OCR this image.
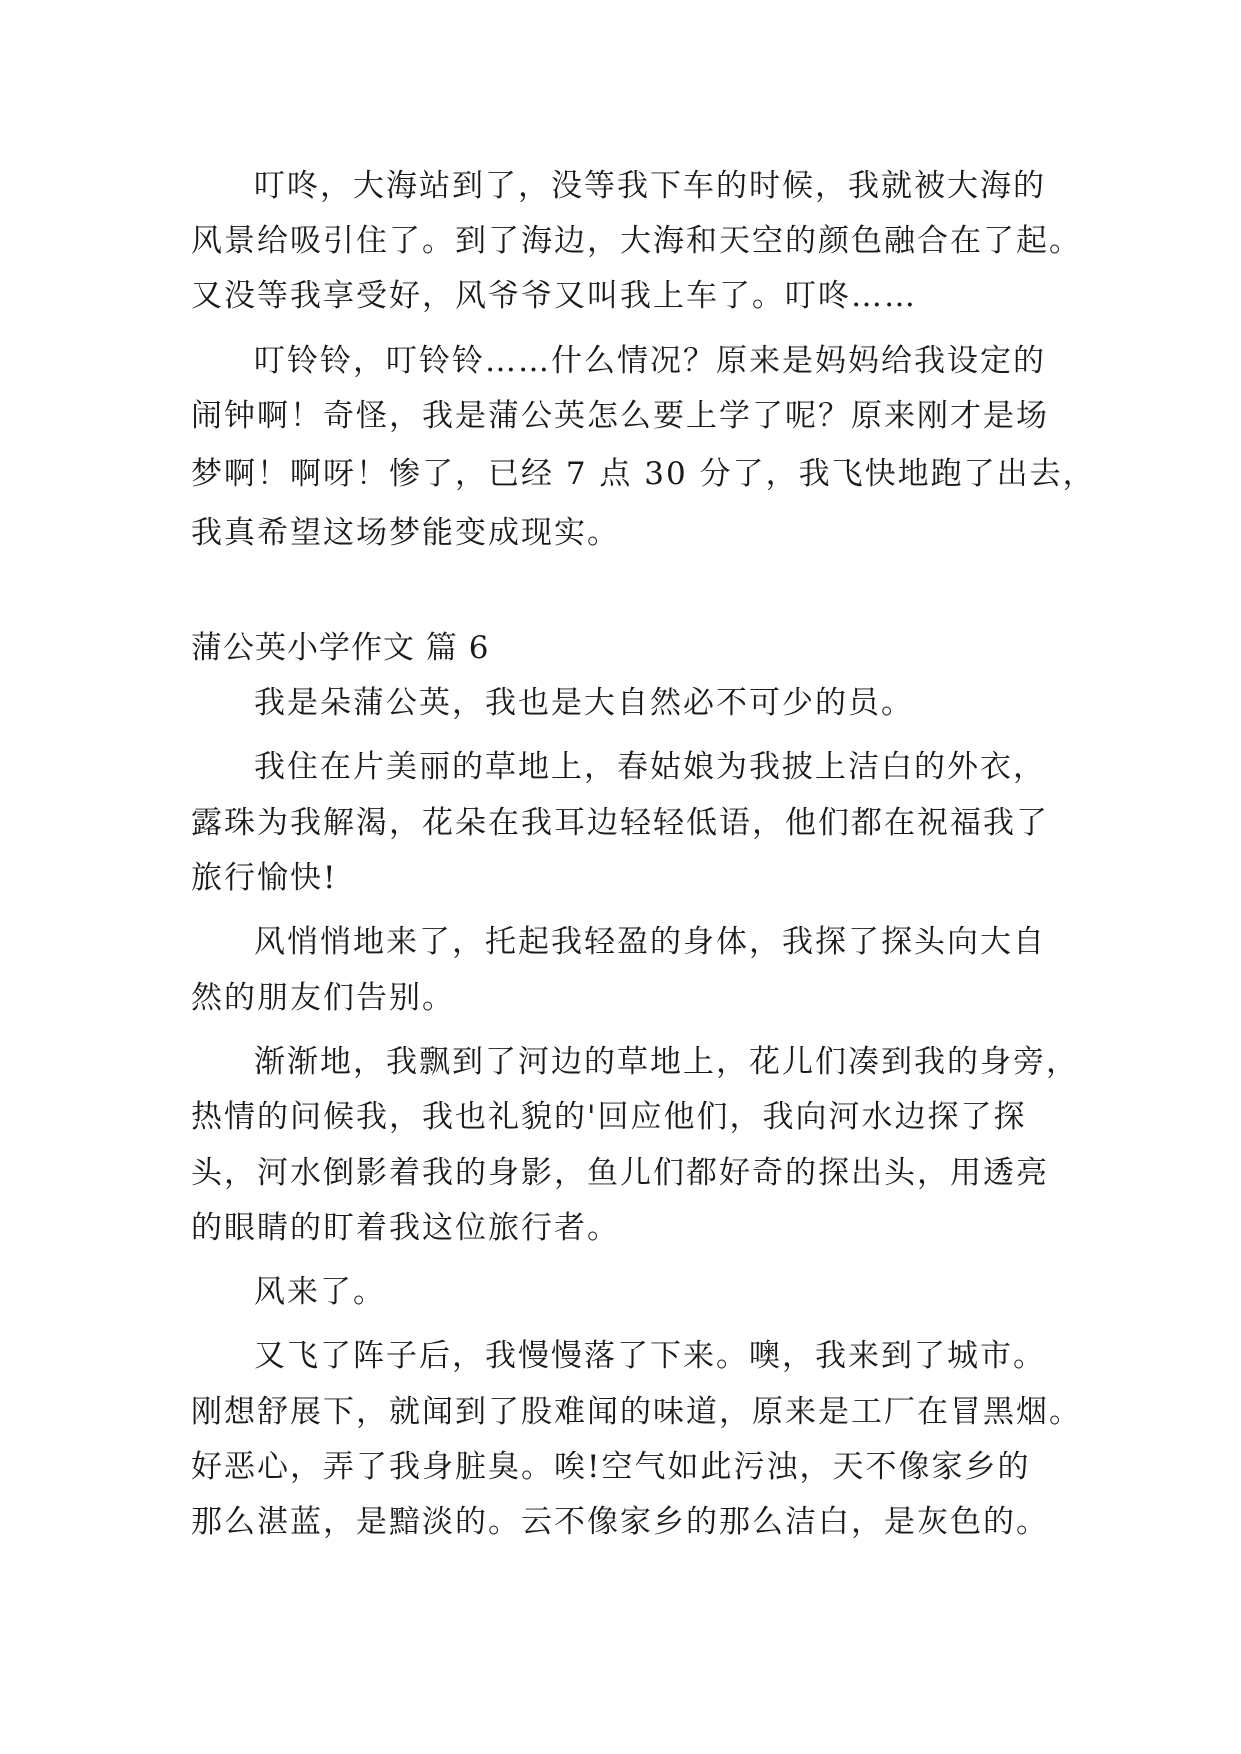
叮咚，大海站到了，没等我下车的时候，我就被大海的
风景给吸引住了。到了海边，大海和天空的颜色融合在了起。
又没等我享受好，风爷爷又叫我上车了。叮咚……
叮铃铃，叮铃铃……什么情况？原来是妈妈给我设定的
闹钟啊！奇怪，我是蒲公英怎么要上学了呢？原来刚才是场
梦啊！啊呀！惨了，已经 7 点 30 分了，我飞快地跑了出去，
我真希望这场梦能变成现实。
蒲公英小学作文 篇 6
我是朵蒲公英，我也是大自然必不可少的员。
我住在片美丽的草地上，春姑娘为我披上洁白的外衣，
露珠为我解渴，花朵在我耳边轻轻低语，他们都在祝福我了
旅行愉快!
风悄悄地来了，托起我轻盈的身体，我探了探头向大自
然的朋友们告别。
渐渐地，我飘到了河边的草地上，花儿们凑到我的身旁，
热情的问候我，我也礼貌的'回应他们，我向河水边探了探
头，河水倒影着我的身影，鱼儿们都好奇的探出头，用透亮
的眼睛的盯着我这位旅行者。
风来了。
又飞了阵子后，我慢慢落了下来。噢，我来到了城市。
刚想舒展下，就闻到了股难闻的味道，原来是工厂在冒黑烟。
好恶心，弄了我身脏臭。唉!空气如此污浊，天不像家乡的
那么湛蓝，是黯淡的。云不像家乡的那么洁白，是灰色的。
